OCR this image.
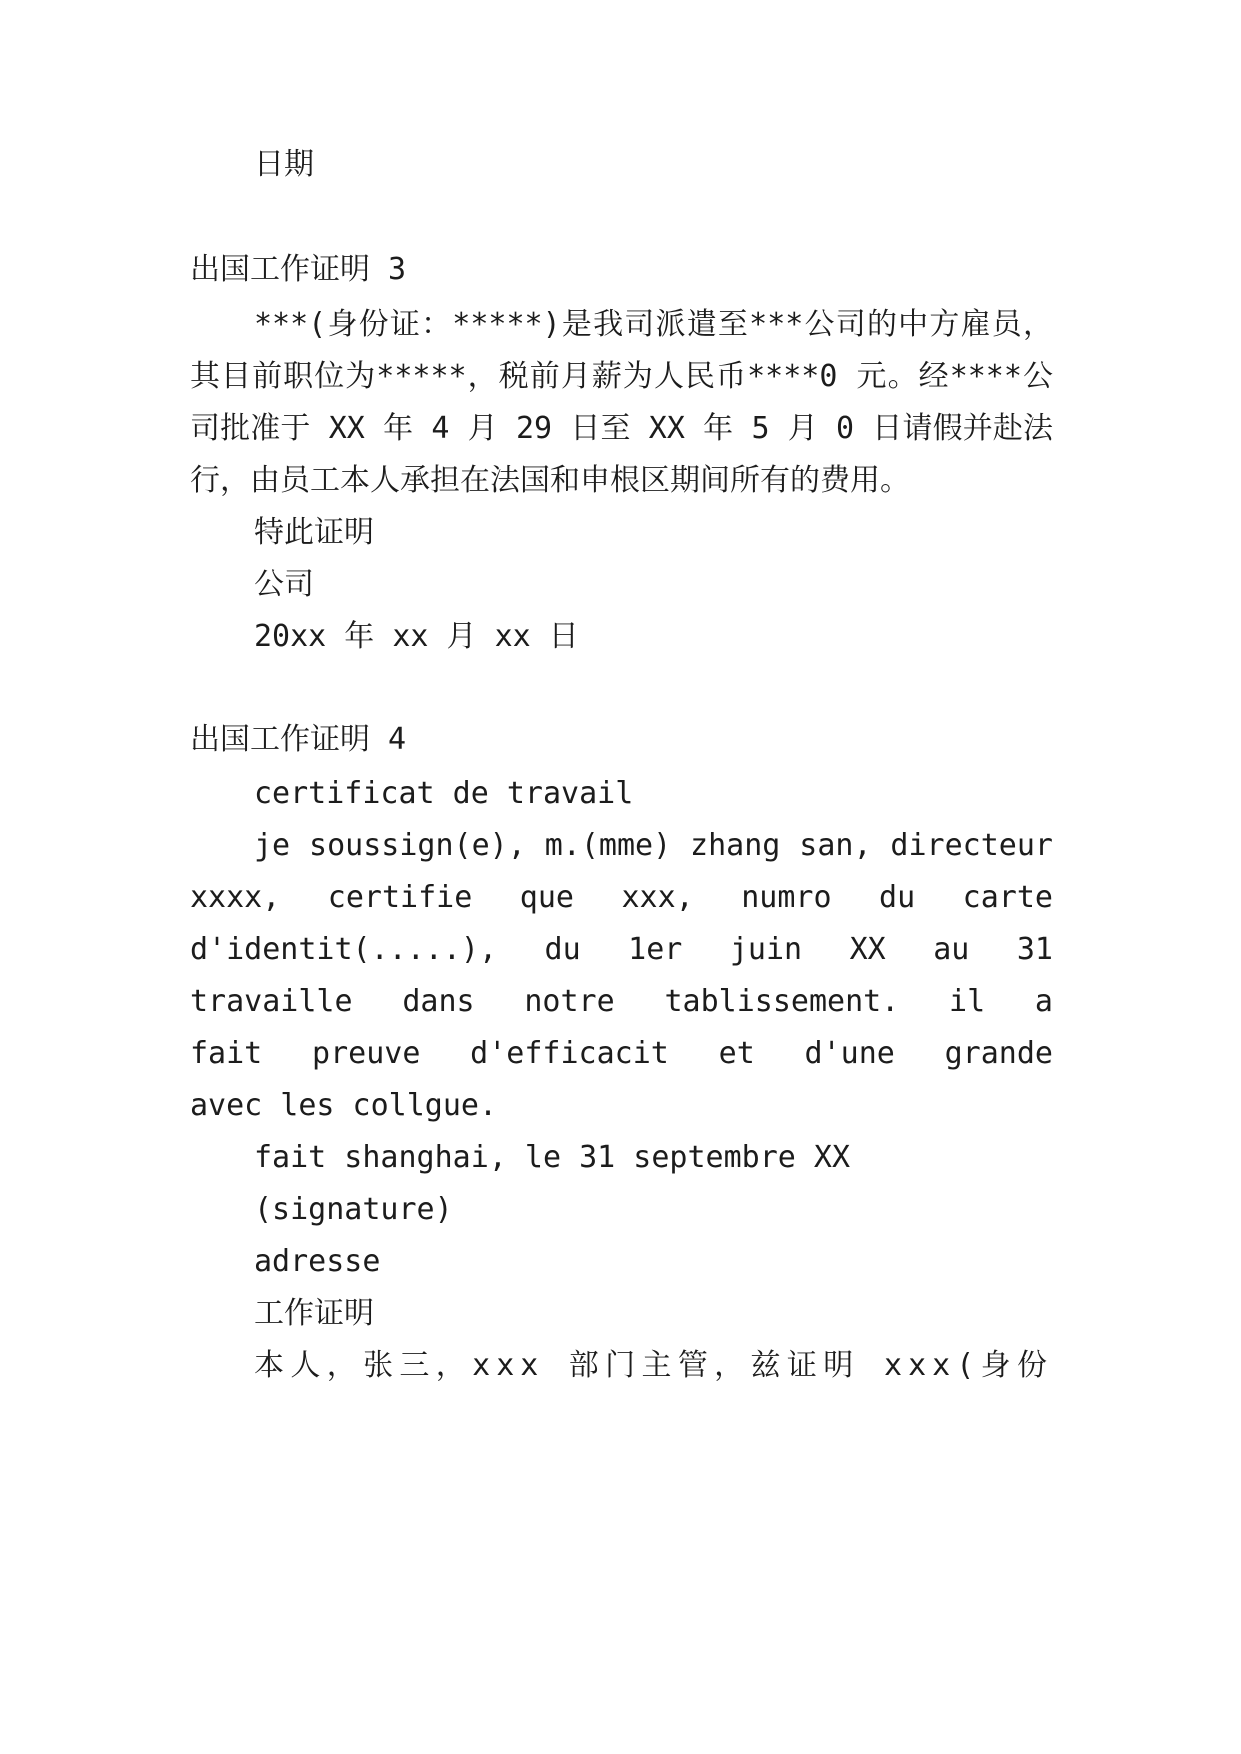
日期
出国工作证明 3
***(身份证：*****)是我司派遣至***公司的中方雇员，
其目前职位为*****，税前月薪为人民币****0 元。经****公
司批准于 XX 年 4 月 29 日至 XX 年 5 月 0 日请假并赴法
行，由员工本人承担在法国和申根区期间所有的费用。
特此证明
公司
20xx 年 xx 月 xx 日
出国工作证明 4
certificat de travail
je soussign(e), m.(mme) zhang san, directeur
xxxx, certifie que xxx, numro du carte
d'identit(.....), du 1er juin XX au 31
travaille dans notre tablissement. il a
fait preuve d'efficacit et d'une grande
avec les collgue.
fait shanghai, le 31 septembre XX
(signature)
adresse
工作证明
本人，张三，xxx 部门主管，兹证明 xxx(身份
